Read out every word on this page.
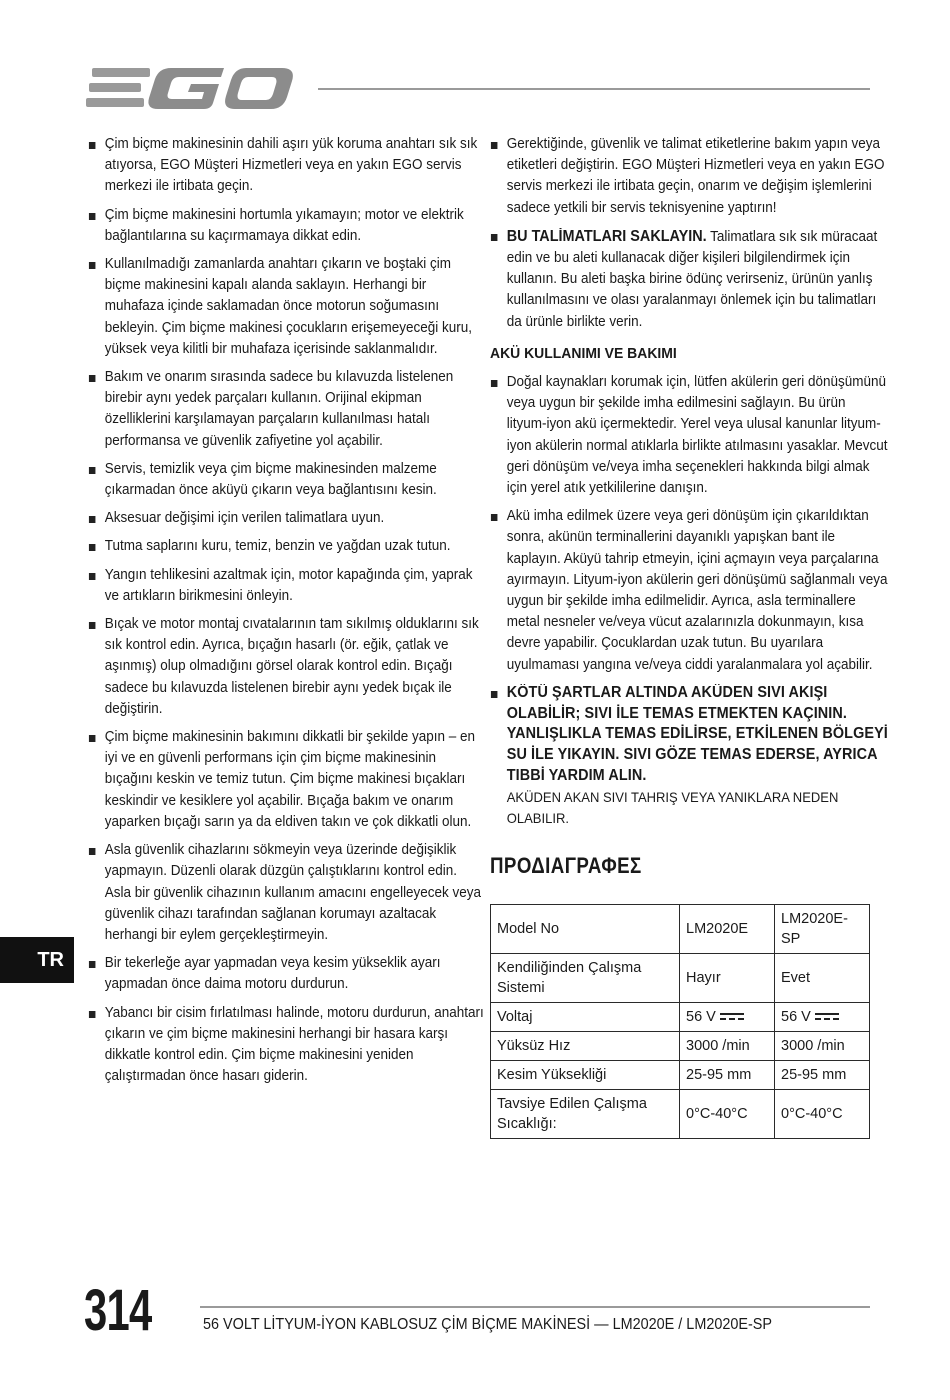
Çim biçme makinesinin dahili aşırı yük koruma anahtarı sık sık atıyorsa, EGO Müşteri Hizmetleri veya en yakın EGO servis merkezi ile irtibata geçin.
Çim biçme makinesini hortumla yıkamayın; motor ve elektrik bağlantılarına su kaçırmamaya dikkat edin.
Kullanılmadığı zamanlarda anahtarı çıkarın ve boştaki çim biçme makinesini kapalı alanda saklayın. Herhangi bir muhafaza içinde saklamadan önce motorun soğumasını bekleyin. Çim biçme makinesi çocukların erişemeyeceği kuru, yüksek veya kilitli bir muhafaza içerisinde saklanmalıdır.
Bakım ve onarım sırasında sadece bu kılavuzda listelenen birebir aynı yedek parçaları kullanın. Orijinal ekipman özelliklerini karşılamayan parçaların kullanılması hatalı performansa ve güvenlik zafiyetine yol açabilir.
Servis, temizlik veya çim biçme makinesinden malzeme çıkarmadan önce aküyü çıkarın veya bağlantısını kesin.
Aksesuar değişimi için verilen talimatlara uyun.
Tutma saplarını kuru, temiz, benzin ve yağdan uzak tutun.
Yangın tehlikesini azaltmak için, motor kapağında çim, yaprak ve artıkların birikmesini önleyin.
Bıçak ve motor montaj cıvatalarının tam sıkılmış olduklarını sık sık kontrol edin. Ayrıca, bıçağın hasarlı (ör. eğik, çatlak ve aşınmış) olup olmadığını görsel olarak kontrol edin. Bıçağı sadece bu kılavuzda listelenen birebir aynı yedek bıçak ile değiştirin.
Çim biçme makinesinin bakımını dikkatli bir şekilde yapın – en iyi ve en güvenli performans için çim biçme makinesinin bıçağını keskin ve temiz tutun. Çim biçme makinesi bıçakları keskindir ve kesiklere yol açabilir. Bıçağa bakım ve onarım yaparken bıçağı sarın ya da eldiven takın ve çok dikkatli olun.
Asla güvenlik cihazlarını sökmeyin veya üzerinde değişiklik yapmayın. Düzenli olarak düzgün çalıştıklarını kontrol edin. Asla bir güvenlik cihazının kullanım amacını engelleyecek veya güvenlik cihazı tarafından sağlanan korumayı azaltacak herhangi bir eylem gerçekleştirmeyin.
Bir tekerleğe ayar yapmadan veya kesim yükseklik ayarı yapmadan önce daima motoru durdurun.
Yabancı bir cisim fırlatılması halinde, motoru durdurun, anahtarı çıkarın ve çim biçme makinesini herhangi bir hasara karşı dikkatle kontrol edin. Çim biçme makinesini yeniden çalıştırmadan önce hasarı giderin.
Gerektiğinde, güvenlik ve talimat etiketlerine bakım yapın veya etiketleri değiştirin. EGO Müşteri Hizmetleri veya en yakın EGO servis merkezi ile irtibata geçin, onarım ve değişim işlemlerini sadece yetkili bir servis teknisyenine yaptırın!
BU TALİMATLARI SAKLAYIN. Talimatlara sık sık müracaat edin ve bu aleti kullanacak diğer kişileri bilgilendirmek için kullanın. Bu aleti başka birine ödünç verirseniz, ürünün yanlış kullanılmasını ve olası yaralanmayı önlemek için bu talimatları da ürünle birlikte verin.
AKÜ KULLANIMI VE BAKIMI
Doğal kaynakları korumak için, lütfen akülerin geri dönüşümünü veya uygun bir şekilde imha edilmesini sağlayın. Bu ürün lityum-iyon akü içermektedir. Yerel veya ulusal kanunlar lityum-iyon akülerin normal atıklarla birlikte atılmasını yasaklar. Mevcut geri dönüşüm ve/veya imha seçenekleri hakkında bilgi almak için yerel atık yetkililerine danışın.
Akü imha edilmek üzere veya geri dönüşüm için çıkarıldıktan sonra, akünün terminallerini dayanıklı yapışkan bant ile kaplayın. Aküyü tahrip etmeyin, içini açmayın veya parçalarına ayırmayın. Lityum-iyon akülerin geri dönüşümü sağlanmalı veya uygun bir şekilde imha edilmelidir. Ayrıca, asla terminallere metal nesneler ve/veya vücut azalarınızla dokunmayın, kısa devre yapabilir. Çocuklardan uzak tutun. Bu uyarılara uyulmaması yangına ve/veya ciddi yaralanmalara yol açabilir.
KÖTÜ ŞARTLAR ALTINDA AKÜDEN SIVI AKIŞI OLABİLİR; SIVI İLE TEMAS ETMEKTEN KAÇININ. YANLIŞLIKLA TEMAS EDİLİRSE, ETKİLENEN BÖLGEYİ SU İLE YIKAYIN. SIVI GÖZE TEMAS EDERSE, AYRICA TIBBİ YARDIM ALIN.
AKÜDEN AKAN SIVI TAHRIŞ VEYA YANIKLARA NEDEN OLABILIR.
ΠΡΟΔΙΑΓΡΑΦΕΣ
Model No	LM2020E	LM2020E-SP
Kendiliğinden Çalışma Sistemi	Hayır	Evet
Voltaj	56 V	56 V
Yüksüz Hız	3000 /min	3000 /min
Kesim Yüksekliği	25-95 mm	25-95 mm
Tavsiye Edilen Çalışma Sıcaklığı:	0°C-40°C	0°C-40°C
TR
314	56 VOLT LİTYUM-İYON KABLOSUZ ÇİM BİÇME MAKİNESİ — LM2020E / LM2020E-SP
